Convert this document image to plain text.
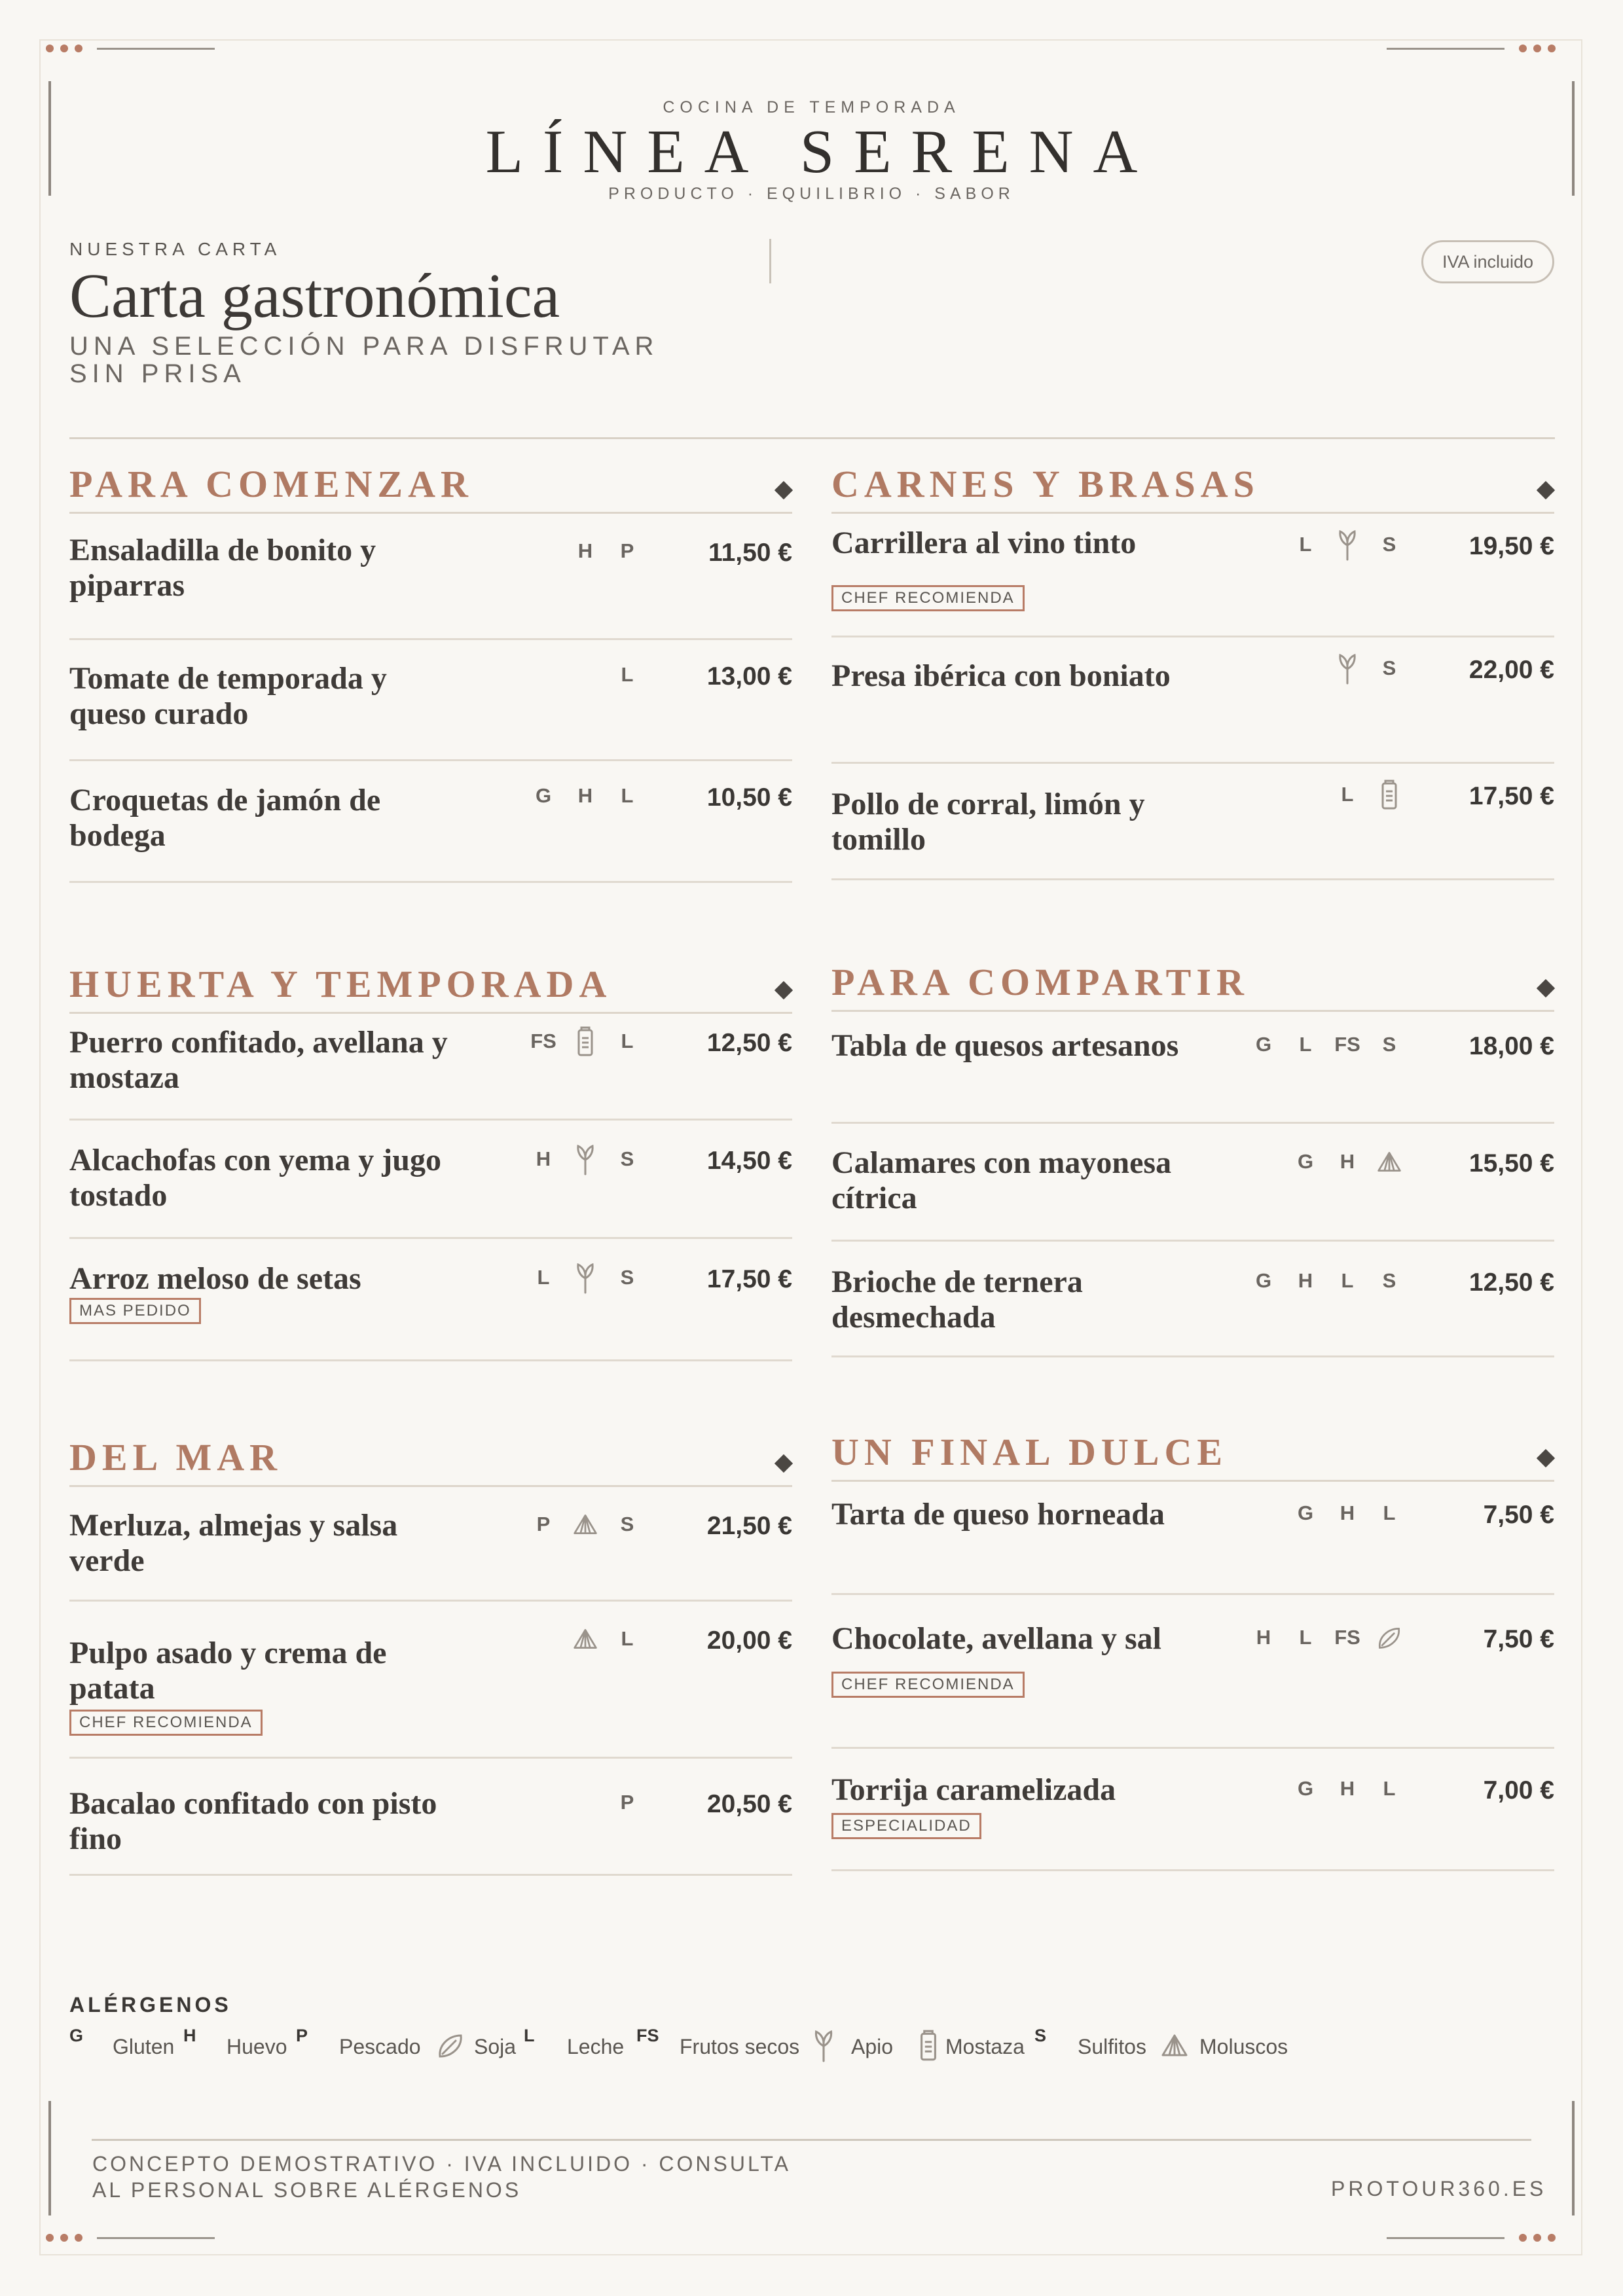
COCINA DE TEMPORADA
LÍNEA SERENA
PRODUCTO · EQUILIBRIO · SABOR
NUESTRA CARTA
Carta gastronómica
UNA SELECCIÓN PARA DISFRUTAR SIN PRISA
IVA incluido
PARA COMENZAR
Ensaladilla de bonito y piparras
H	P	11,50 €
Tomate de temporada y queso curado
L	13,00 €
Croquetas de jamón de bodega
G	H	L	10,50 €
CARNES Y BRASAS
Carrillera al vino tinto	L	S	19,50 €
CHEF RECOMIENDA
Presa ibérica con boniato	S	22,00 €
Pollo de corral, limón y tomillo
L	17,50 €
HUERTA Y TEMPORADA
Puerro confitado, avellana y mostaza
FS	L	12,50 €
Alcachofas con yema y jugo tostado
H	S	14,50 €
Arroz meloso de setas	L	S	17,50 €
MAS PEDIDO
PARA COMPARTIR
Tabla de quesos artesanos	G	L	FS	S	18,00 €
Calamares con mayonesa cítrica
G	H	15,50 €
Brioche de ternera desmechada
G	H	L	S	12,50 €
DEL MAR
Merluza, almejas y salsa verde
P	S	21,50 €
Pulpo asado y crema de patata
L	20,00 €
CHEF RECOMIENDA
Bacalao confitado con pisto fino
P	20,50 €
UN FINAL DULCE
Tarta de queso horneada	G	H	L	7,50 €
Chocolate, avellana y sal	H	L	FS	7,50 €
CHEF RECOMIENDA
Torrija caramelizada	G	H	L	7,00 €
ESPECIALIDAD
ALÉRGENOS
G Gluten H Huevo P Pescado	Soja L Leche FS Frutos secos Apio Mostaza S Sulfitos	Moluscos
CONCEPTO DEMOSTRATIVO · IVA INCLUIDO · CONSULTA AL PERSONAL SOBRE ALÉRGENOS	PROTOUR360.ES
